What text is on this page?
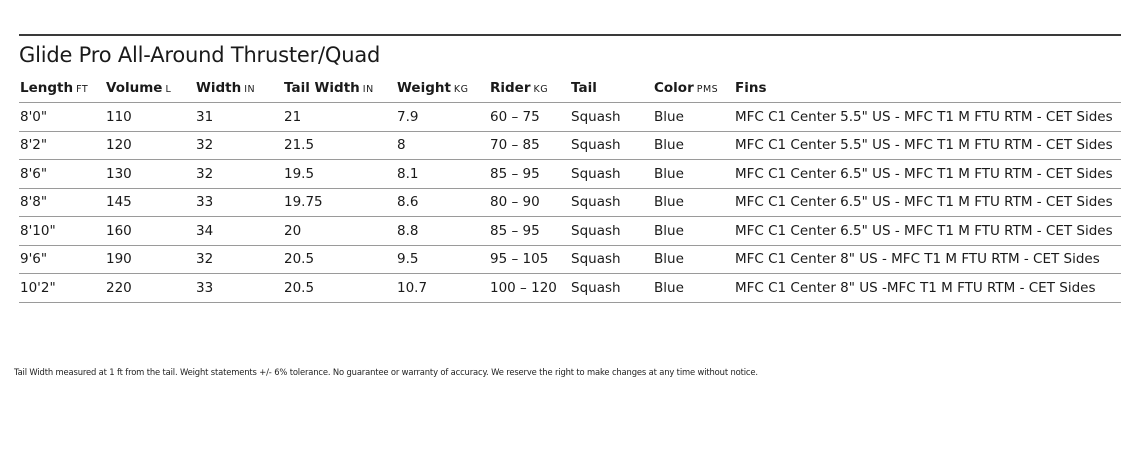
Glide Pro All-Around Thruster/Quad
Length FT	Volume L	Width IN	Tail Width IN	Weight KG	Rider KG	Tail	Color PMS	Fins
8'0"	110	31	21	7.9	60 – 75	Squash	Blue	MFC C1 Center 5.5" US - MFC T1 M FTU RTM - CET Sides
8'2"	120	32	21.5	8	70 – 85	Squash	Blue	MFC C1 Center 5.5" US - MFC T1 M FTU RTM - CET Sides
8'6"	130	32	19.5	8.1	85 – 95	Squash	Blue	MFC C1 Center 6.5" US - MFC T1 M FTU RTM - CET Sides
8'8"	145	33	19.75	8.6	80 – 90	Squash	Blue	MFC C1 Center 6.5" US - MFC T1 M FTU RTM - CET Sides
8'10"	160	34	20	8.8	85 – 95	Squash	Blue	MFC C1 Center 6.5" US - MFC T1 M FTU RTM - CET Sides
9'6"	190	32	20.5	9.5	95 – 105	Squash	Blue	MFC C1 Center 8" US - MFC T1 M FTU RTM - CET Sides
10'2"	220	33	20.5	10.7	100 – 120	Squash	Blue	MFC C1 Center 8" US -MFC T1 M FTU RTM - CET Sides
Tail Width measured at 1 ft from the tail. Weight statements +/- 6% tolerance. No guarantee or warranty of accuracy. We reserve the right to make changes at any time without notice.
